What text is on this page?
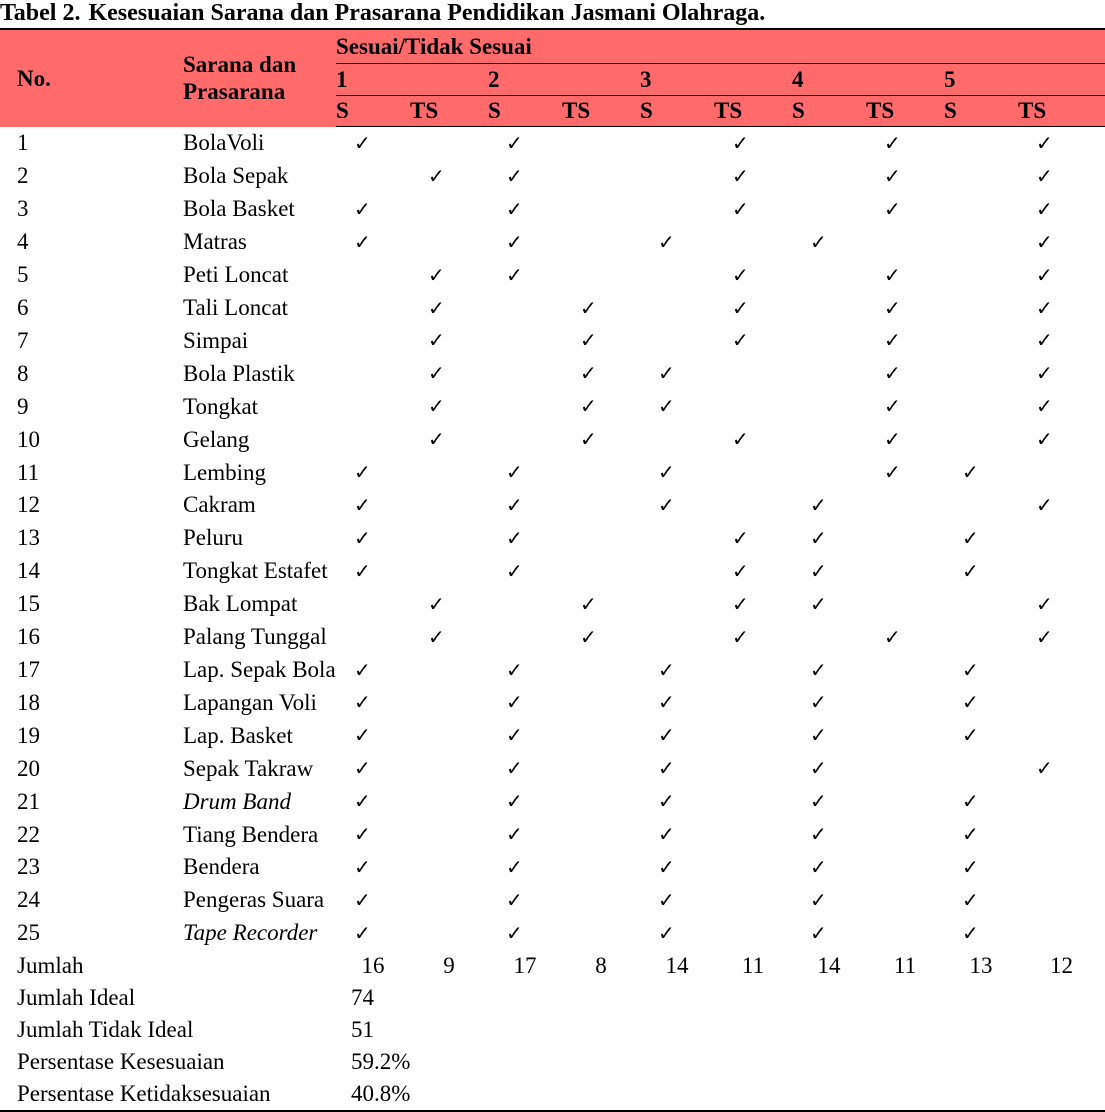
Tabel 2. Kesesuaian Sarana dan Prasarana Pendidikan Jasmani Olahraga.
No.	Sarana dan Prasarana	Sesuai/Tidak Sesuai									
		1		2		3		4		5	
		S	TS	S	TS	S	TS	S	TS	S	TS
1	BolaVoli	✓		✓			✓		✓		✓
2	Bola Sepak		✓	✓			✓		✓		✓
3	Bola Basket	✓		✓			✓		✓		✓
4	Matras	✓		✓		✓		✓			✓
5	Peti Loncat		✓	✓			✓		✓		✓
6	Tali Loncat		✓		✓		✓		✓		✓
7	Simpai		✓		✓		✓		✓		✓
8	Bola Plastik		✓		✓	✓			✓		✓
9	Tongkat		✓		✓	✓			✓		✓
10	Gelang		✓		✓		✓		✓		✓
11	Lembing	✓		✓		✓			✓	✓	
12	Cakram	✓		✓		✓		✓			✓
13	Peluru	✓		✓			✓	✓		✓	
14	Tongkat Estafet	✓		✓			✓	✓		✓	
15	Bak Lompat		✓		✓		✓	✓			✓
16	Palang Tunggal		✓		✓		✓		✓		✓
17	Lap. Sepak Bola	✓		✓		✓		✓		✓	
18	Lapangan Voli	✓		✓		✓		✓		✓	
19	Lap. Basket	✓		✓		✓		✓		✓	
20	Sepak Takraw	✓		✓		✓		✓			✓
21	Drum Band	✓		✓		✓		✓		✓	
22	Tiang Bendera	✓		✓		✓		✓		✓	
23	Bendera	✓		✓		✓		✓		✓	
24	Pengeras Suara	✓		✓		✓		✓		✓	
25	Tape Recorder	✓		✓		✓		✓		✓	
Jumlah		16	9	17	8	14	11	14	11	13	12
Jumlah Ideal		74									
Jumlah Tidak Ideal		51									
Persentase Kesesuaian		59.2%									
Persentase Ketidaksesuaian		40.8%									
